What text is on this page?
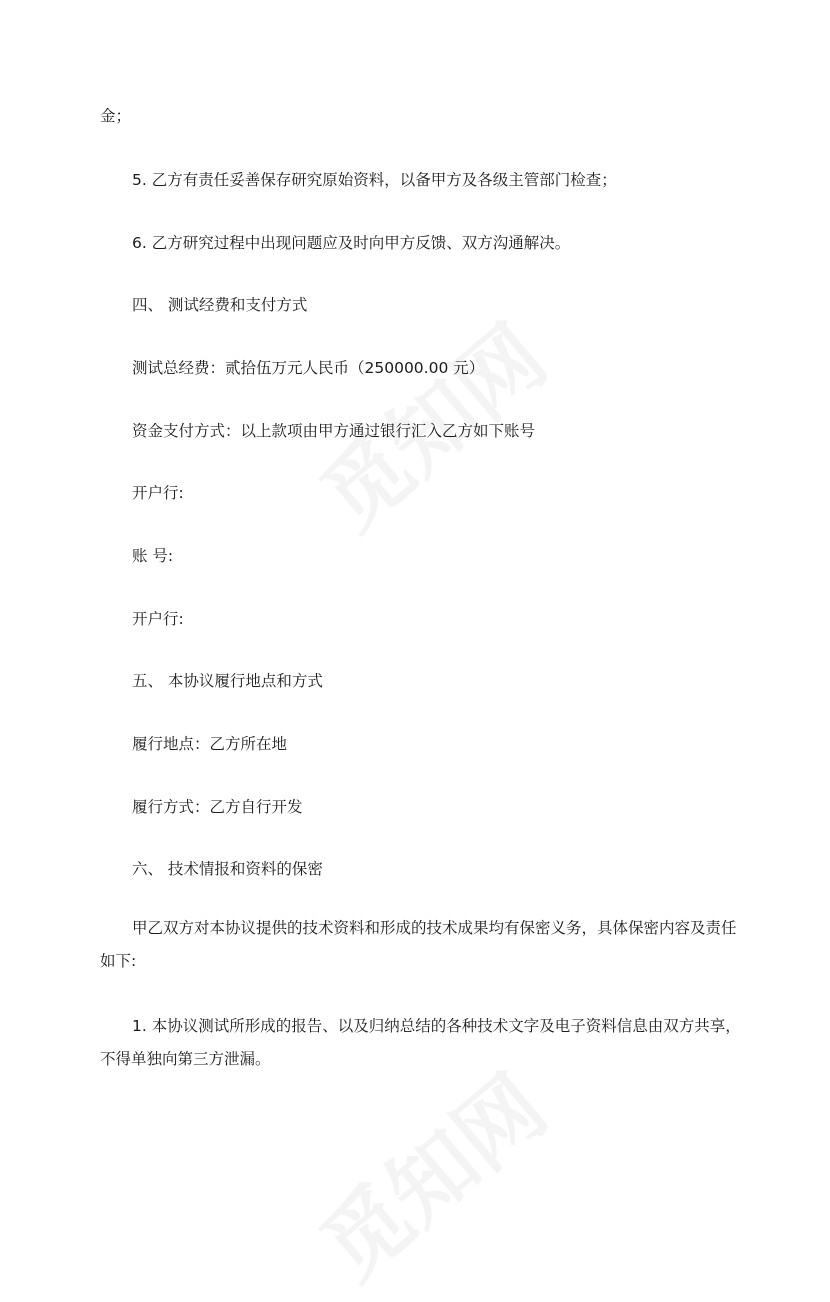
金；

5. 乙方有责任妥善保存研究原始资料，以备甲方及各级主管部门检查；

6. 乙方研究过程中出现问题应及时向甲方反馈、双方沟通解决。

四、 测试经费和支付方式

测试总经费：贰拾伍万元人民币（250000.00 元）

资金支付方式：以上款项由甲方通过银行汇入乙方如下账号

开户行:

账 号:

开户行:

五、 本协议履行地点和方式

履行地点：乙方所在地

履行方式：乙方自行开发

六、 技术情报和资料的保密

甲乙双方对本协议提供的技术资料和形成的技术成果均有保密义务，具体保密内容及责任如下:

1. 本协议测试所形成的报告、以及归纳总结的各种技术文字及电子资料信息由双方共享，不得单独向第三方泄漏。
